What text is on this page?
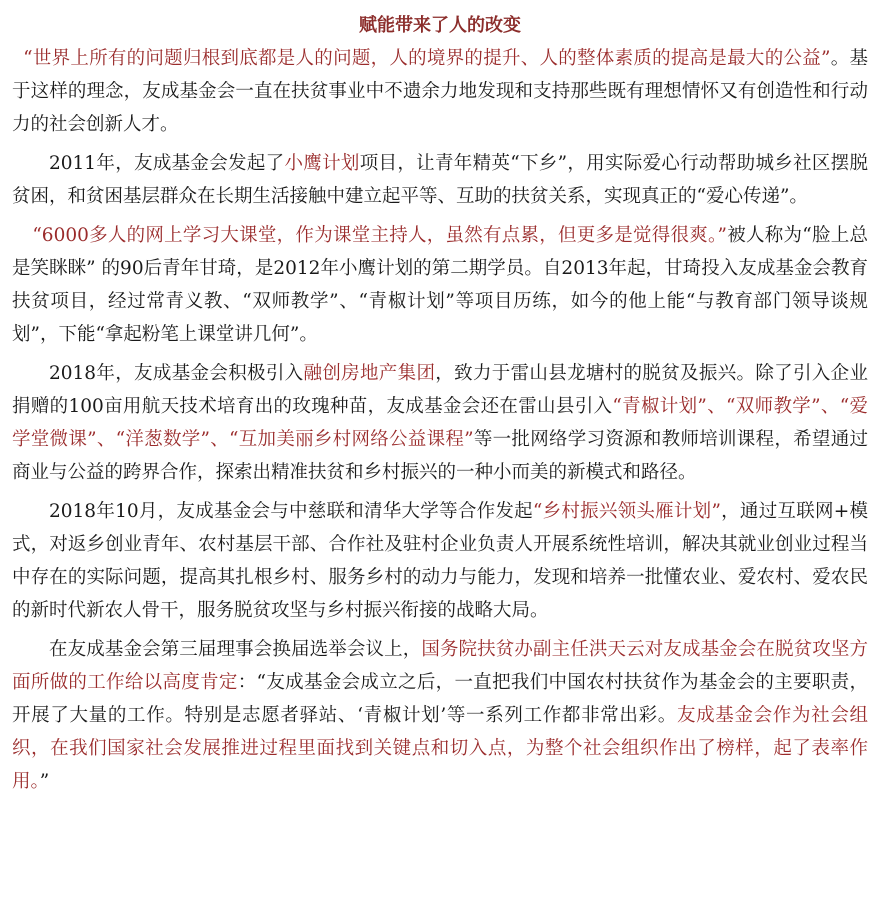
赋能带来了人的改变

“世界上所有的问题归根到底都是人的问题，人的境界的提升、人的整体素质的提高是最大的公益”。基于这样的理念，友成基金会一直在扶贫事业中不遗余力地发现和支持那些既有理想情怀又有创造性和行动力的社会创新人才。

2011年，友成基金会发起了小鹰计划项目，让青年精英“下乡”，用实际爱心行动帮助城乡社区摆脱贫困，和贫困基层群众在长期生活接触中建立起平等、互助的扶贫关系，实现真正的“爱心传递”。

“6000多人的网上学习大课堂，作为课堂主持人，虽然有点累，但更多是觉得很爽。”被人称为“脸上总是笑眯眯” 的90后青年甘琦，是2012年小鹰计划的第二期学员。自2013年起，甘琦投入友成基金会教育扶贫项目，经过常青义教、“双师教学”、“青椒计划”等项目历练，如今的他上能“与教育部门领导谈规划”，下能“拿起粉笔上课堂讲几何”。

2018年，友成基金会积极引入融创房地产集团，致力于雷山县龙塘村的脱贫及振兴。除了引入企业捐赠的100亩用航天技术培育出的玫瑰种苗，友成基金会还在雷山县引入“青椒计划”、“双师教学”、“爱学堂微课”、“洋葱数学”、“互加美丽乡村网络公益课程”等一批网络学习资源和教师培训课程，希望通过商业与公益的跨界合作，探索出精准扶贫和乡村振兴的一种小而美的新模式和路径。

2018年10月，友成基金会与中慈联和清华大学等合作发起“乡村振兴领头雁计划”，通过互联网+模式，对返乡创业青年、农村基层干部、合作社及驻村企业负责人开展系统性培训，解决其就业创业过程当中存在的实际问题，提高其扎根乡村、服务乡村的动力与能力，发现和培养一批懂农业、爱农村、爱农民的新时代新农人骨干，服务脱贫攻坚与乡村振兴衔接的战略大局。

在友成基金会第三届理事会换届选举会议上，国务院扶贫办副主任洪天云对友成基金会在脱贫攻坚方面所做的工作给以高度肯定：“友成基金会成立之后，一直把我们中国农村扶贫作为基金会的主要职责，开展了大量的工作。特别是志愿者驿站、‘青椒计划’等一系列工作都非常出彩。友成基金会作为社会组织，在我们国家社会发展推进过程里面找到关键点和切入点，为整个社会组织作出了榜样，起了表率作用。”
